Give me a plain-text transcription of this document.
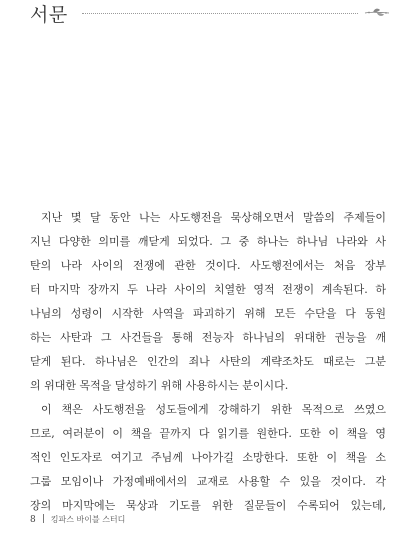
서문

지난 몇 달 동안 나는 사도행전을 묵상해오면서 말씀의 주제들이
지닌 다양한 의미를 깨닫게 되었다. 그 중 하나는 하나님 나라와 사
탄의 나라 사이의 전쟁에 관한 것이다. 사도행전에서는 처음 장부
터 마지막 장까지 두 나라 사이의 치열한 영적 전쟁이 계속된다. 하
나님의 성령이 시작한 사역을 파괴하기 위해 모든 수단을 다 동원
하는 사탄과 그 사건들을 통해 전능자 하나님의 위대한 권능을 깨
닫게 된다. 하나님은 인간의 죄나 사탄의 계략조차도 때로는 그분
의 위대한 목적을 달성하기 위해 사용하시는 분이시다.

이 책은 사도행전을 성도들에게 강해하기 위한 목적으로 쓰였으
므로, 여러분이 이 책을 끝까지 다 읽기를 원한다. 또한 이 책을 영
적인 인도자로 여기고 주님께 나아가길 소망한다. 또한 이 책을 소
그룹 모임이나 가정예배에서의 교재로 사용할 수 있을 것이다. 각
장의 마지막에는 묵상과 기도를 위한 질문들이 수록되어 있는데,

8 킹파스 바이블 스터디
